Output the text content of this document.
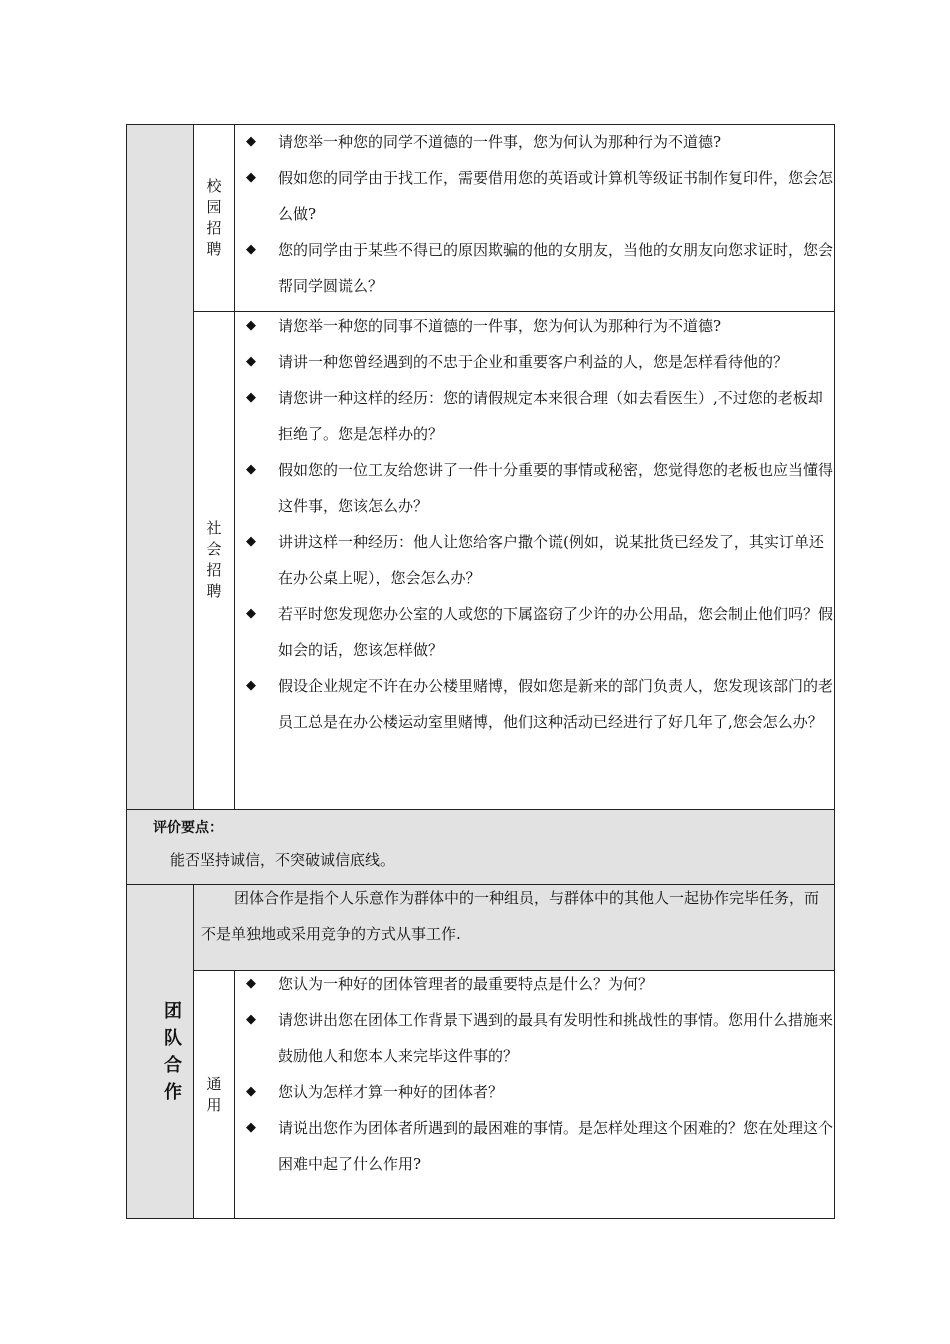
校园招聘
◆ 请您举一种您的同学不道德的一件事，您为何认为那种行为不道德?
◆ 假如您的同学由于找工作，需要借用您的英语或计算机等级证书制作复印件，您会怎么做?
◆ 您的同学由于某些不得已的原因欺骗的他的女朋友，当他的女朋友向您求证时，您会帮同学圆谎么？
社会招聘
◆ 请您举一种您的同事不道德的一件事，您为何认为那种行为不道德?
◆ 请讲一种您曾经遇到的不忠于企业和重要客户利益的人，您是怎样看待他的？
◆ 请您讲一种这样的经历：您的请假规定本来很合理（如去看医生）,不过您的老板却拒绝了。您是怎样办的？
◆ 假如您的一位工友给您讲了一件十分重要的事情或秘密，您觉得您的老板也应当懂得这件事，您该怎么办？
◆ 讲讲这样一种经历：他人让您给客户撒个谎(例如，说某批货已经发了，其实订单还在办公桌上呢），您会怎么办？
◆ 若平时您发现您办公室的人或您的下属盗窃了少许的办公用品，您会制止他们吗？假如会的话，您该怎样做？
◆ 假设企业规定不许在办公楼里赌博，假如您是新来的部门负责人，您发现该部门的老员工总是在办公楼运动室里赌博，他们这种活动已经进行了好几年了,您会怎么办？
评价要点：
能否坚持诚信，不突破诚信底线。
团队合作
团体合作是指个人乐意作为群体中的一种组员，与群体中的其他人一起协作完毕任务，而不是单独地或采用竞争的方式从事工作.
通用
◆ 您认为一种好的团体管理者的最重要特点是什么？为何？
◆ 请您讲出您在团体工作背景下遇到的最具有发明性和挑战性的事情。您用什么措施来鼓励他人和您本人来完毕这件事的？
◆ 您认为怎样才算一种好的团体者？
◆ 请说出您作为团体者所遇到的最困难的事情。是怎样处理这个困难的？您在处理这个困难中起了什么作用?
